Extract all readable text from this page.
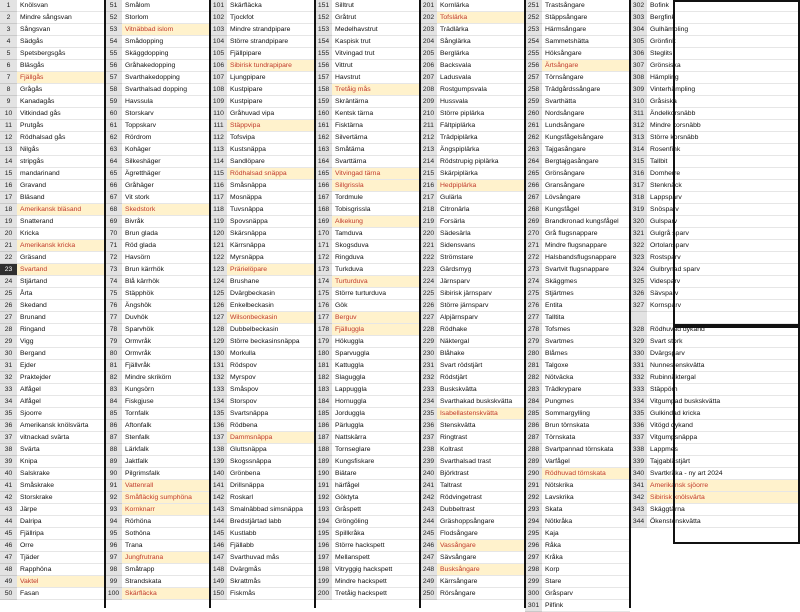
1	Knölsvan
2	Mindre sångsvan
3	Sångsvan
4	Sädgås
5	Spetsbergsgås
6	Bläsgås
7	Fjällgås
8	Grågås
9	Kanadagås
10	Vitkindad gås
11	Prutgås
12	Rödhalsad gås
13	Nilgås
14	stripgås
15	mandarinand
16	Gravand
17	Bläsand
18	Amerikansk bläsand
19	Snatterand
20	Kricka
21	Amerikansk kricka
22	Gräsand
23	Svartand
24	Stjärtand
25	Årta
26	Skedand
27	Brunand
28	Ringand
29	Vigg
30	Bergand
31	Ejder
32	Praktejder
33	Alfågel
34	Alfågel
35	Sjoorre
36	Amerikansk knölsvärta
37	vitnackad svärta
38	Svärta
39	Knipa
40	Salskrake
41	Småskrake
42	Storskrake
43	Järpe
44	Dalripa
45	Fjällripa
46	Orre
47	Tjäder
48	Rapphöna
49	Vaktel
50	Fasan
51	Smålom
52	Storlom
53	Vitnäbbad islom
54	Smådopping
55	Skäggdopping
56	Gråhakedopping
57	Svarthakedopping
58	Svarthalsad dopping
59	Havssula
60	Storskarv
61	Toppskarv
62	Rördrom
63	Kohäger
64	Silkeshäger
65	Ägretthäger
66	Gråhäger
67	Vit stork
68	Skedstork
69	Bivråk
70	Brun glada
71	Röd glada
72	Havsörn
73	Brun kärrhök
74	Blå kärrhök
75	Stäpphök
76	Ängshök
77	Duvhök
78	Sparvhök
79	Ormvråk
80	Ormvråk
81	Fjällvråk
82	Mindre skrikörn
83	Kungsörn
84	Fiskgjuse
85	Tornfalk
86	Aftonfalk
87	Stenfalk
88	Lärkfalk
89	Jaktfalk
90	Pilgrimsfalk
91	Vattenrall
92	Småfläckig sumphöna
93	Kornknarr
94	Rörhöna
95	Sothöna
96	Trana
97	Jungfrutrana
98	Småtrapp
99	Strandskata
100 Skärfläcka
101 Skärfläcka
102 Tjockfot
103 Mindre strandpipare
104 Större strandpipare
105 Fjällpipare
106 Sibirisk tundrapipare
107 Ljungpipare
108 Kustpipare
109 Kustpipare
110 Gråhuvad vipa
111 Stäppvipa
112 Tofsvipa
113 Kustsnäppa
114 Sandlöpare
115 Rödhalsad snäppa
116 Småsnäppa
117 Mosnäppa
118 Tuvsnäppa
119 Spovsnäppa
120 Skärsnäppa
121 Kärrsnäppa
122 Myrsnäppa
123 Prärielöpare
124 Brushane
125 Dvärgbeckasin
126 Enkelbeckasin
127 Wilsonbeckasin
128 Dubbelbeckasin
129 Större beckasinsnäppa
130 Morkulla
131 Rödspov
132 Myrspov
133 Småspov
134 Storspov
135 Svartsnäppa
136 Rödbena
137 Dammsnäppa
138 Gluttsnäppa
139 Skogssnäppa
140 Grönbena
141 Drillsnäppa
142 Roskarl
143 Smalnäbbad simsnäppa
144 Bredstjärtad labb
145 Kustlabb
146 Fjällabb
147 Svarthuvad mås
148 Dvärgmås
149 Skrattmås
150 Fiskmås
151 Silltrut
152 Gråtrut
153 Medelhavstrut
154 Kaspisk trut
155 Vitvingad trut
156 Vittrut
157 Havstrut
158 Tretåig mås
159 Skräntärna
160 Kentsk tärna
161 Fisktärna
162 Silvertärna
163 Småtärna
164 Svarttärna
165 Vitvingad tärna
166 Sillgrissla
167 Tordmule
168 Tobisgrissla
169 Alkekung
170 Tamduva
171 Skogsduva
172 Ringduva
173 Turkduva
174 Turturduva
175 Större turturduva
176 Gök
177 Berguv
178 Fjälluggla
179 Hökuggla
180 Sparvuggla
181 Kattuggla
182 Slaguggla
183 Lappuggla
184 Hornuggla
185 Jorduggla
186 Pärluggla
187 Nattskärra
188 Tornseglare
189 Kungsfiskare
190 Biätare
191 härfågel
192 Göktyta
193 Gråspett
194 Gröngöling
195 Spillkråka
196 Större hackspett
197 Mellanspett
198 Vitryggig hackspett
199 Mindre hackspett
200 Tretåig hackspett
201 Kornlärka
202 Tofslärka
203 Trädlärka
204 Sånglärka
205 Berglärka
206 Backsvala
207 Ladusvala
208 Rostgumpsvala
209 Hussvala
210 Större piplärka
211 Fältpiplärka
212 Trädpiplärka
213 Ängspiplärka
214 Rödstrupig piplärka
215 Skärpiplärka
216 Hedpiplärka
217 Gulärla
218 Citronärla
219 Forsärla
220 Sädesärla
221 Sidensvans
222 Strömstare
223 Gärdsmyg
224 Järnsparv
225 Sibirisk järnsparv
226 Större järnsparv
227 Alpjärnsparv
228 Rödhake
229 Näktergal
230 Blåhake
231 Svart rödstjärt
232 Rödstjärt
233 Buskskvätta
234 Svarthakad buskskvätta
235 Isabellastenskvätta
236 Stenskvätta
237 Ringtrast
238 Koltrast
239 Svarthalsad trast
240 Björktrast
241 Taltrast
242 Rödvingetrast
243 Dubbeltrast
244 Gräshoppsångare
245 Flodsångare
246 Vassångare
247 Sävsångare
248 Busksångare
249 Kärrsångare
250 Rörsångare
251 Trastsångare
252 Stäppsångare
253 Härmsångare
254 Sammetshätta
255 Höksångare
256 Ärtsångare
257 Törnsångare
258 Trädgårdssångare
259 Svarthätta
260 Nordsångare
261 Lundsångare
262 Kungsfågelsångare
263 Tajgasångare
264 Bergtajgasångare
265 Grönsångare
266 Gransångare
267 Lövsångare
268 Kungsfågel
269 Brandkronad kungsfågel
270 Grå flugsnappare
271 Mindre flugsnappare
272 Halsbandsflugsnappare
273 Svartvit flugsnappare
274 Skäggmes
275 Stjärtmes
276 Entita
277 Talltita
278 Tofsmes
279 Svartmes
280 Blåmes
281 Talgoxe
282 Nötväcka
283 Trädkrypare
284 Pungmes
285 Sommargylling
286 Brun törnskata
287 Törnskata
288 Svartpannad törnskata
289 Varfågel
290 Rödhuvad törnskata
291 Nötskrika
292 Lavskrika
293 Skata
294 Nötkråka
295 Kaja
296 Råka
297 Kråka
298 Korp
299 Stare
300 Gråsparv
301 Pilfink
302 Bofink
303 Bergfink
304 Gulhämpling
305 Grönfink
306 Steglits
307 Grönsiska
308 Hämpling
309 Vinterhämpling
310 Gråsiska
311 Ändelkorsnäbb
312 Mindre korsnäbb
313 Större korsnäbb
314 Rosenfink
315 Tallbit
316 Domherre
317 Stenknäck
318 Lappsparv
319 Snösparv
320 Gulsparv
321 Gulgrå sparv
322 Ortolansparv
323 Rostsparv
324 Gulbrynad sparv
325 Videsparv
326 Sävsparv
327 Kornsparv
328 Rödhuvad dykand
329 Svart stork
330 Dvärgsparv
331 Nunnestenskvätta
332 Rubinnäktergal
333 Stäppörn
334 Vitgumpad buskskvätta
335 Gulkindad kricka
336 Vitögd dykand
337 Vitgumpsnäppa
338 Lappmes
339 Tajgablästjärt
340 Svartkråka - ny art 2024
341 Amerikansk sjöorre
342 Sibirisk knölsvärta
343 Skäggtärna
344 Ökenstenskvätta
